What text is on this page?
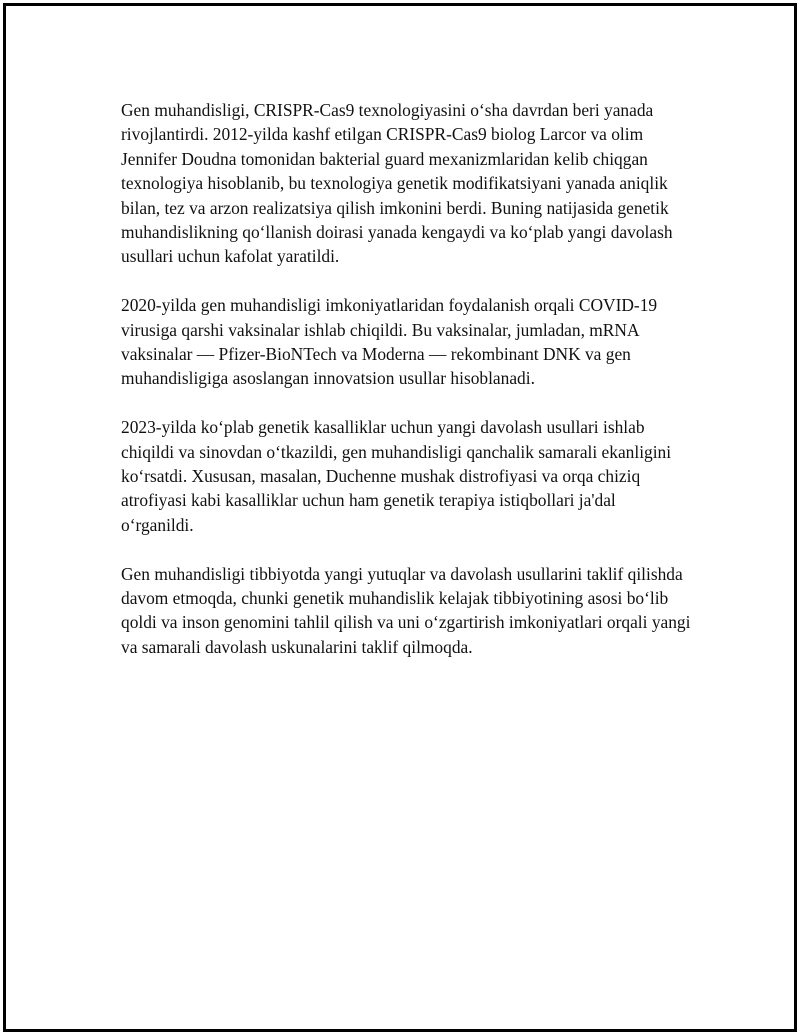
Gen muhandisligi, CRISPR-Cas9 texnologiyasini oʻsha davrdan beri yanada rivojlantirdi. 2012-yilda kashf etilgan CRISPR-Cas9 biolog Larcor va olim Jennifer Doudna tomonidan bakterial guard mexanizmlaridan kelib chiqgan texnologiya hisoblanib, bu texnologiya genetik modifikatsiyani yanada aniqlik bilan, tez va arzon realizatsiya qilish imkonini berdi. Buning natijasida genetik muhandislikning qoʻllanish doirasi yanada kengaydi va koʻplab yangi davolash usullari uchun kafolat yaratildi.

2020-yilda gen muhandisligi imkoniyatlaridan foydalanish orqali COVID-19 virusiga qarshi vaksinalar ishlab chiqildi. Bu vaksinalar, jumladan, mRNA vaksinalar — Pfizer-BioNTech va Moderna — rekombinant DNK va gen muhandisligiga asoslangan innovatsion usullar hisoblanadi.

2023-yilda koʻplab genetik kasalliklar uchun yangi davolash usullari ishlab chiqildi va sinovdan oʻtkazildi, gen muhandisligi qanchalik samarali ekanligini koʻrsatdi. Xususan, masalan, Duchenne mushak distrofiyasi va orqa chiziq atrofiyasi kabi kasalliklar uchun ham genetik terapiya istiqbollari ja'dal oʻrganildi.

Gen muhandisligi tibbiyotda yangi yutuqlar va davolash usullarini taklif qilishda davom etmoqda, chunki genetik muhandislik kelajak tibbiyotining asosi boʻlib qoldi va inson genomini tahlil qilish va uni oʻzgartirish imkoniyatlari orqali yangi va samarali davolash uskunalarini taklif qilmoqda.
